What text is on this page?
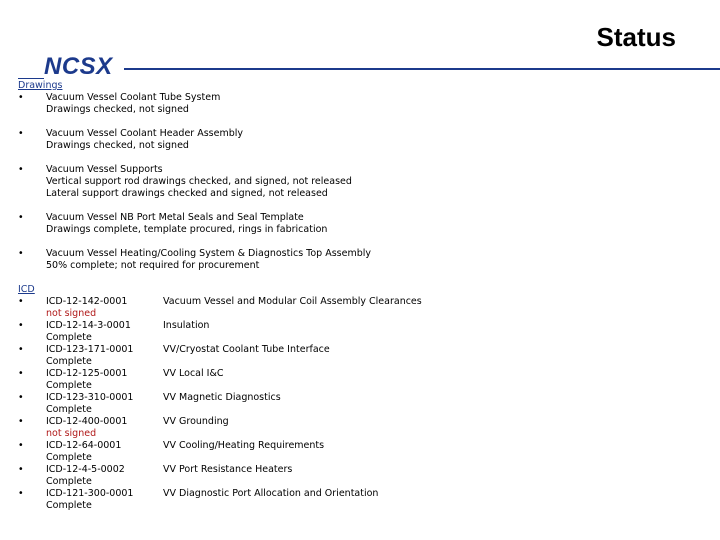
Status
NCSX
Drawings
• Vacuum Vessel Coolant Tube System
Drawings checked, not signed
• Vacuum Vessel Coolant Header Assembly
Drawings checked, not signed
• Vacuum Vessel Supports
Vertical support rod drawings checked, and signed, not released
Lateral support drawings checked and signed, not released
• Vacuum Vessel NB Port Metal Seals and Seal Template
Drawings complete, template procured, rings in fabrication
• Vacuum Vessel Heating/Cooling System & Diagnostics Top Assembly
50% complete; not required for procurement
ICD
• ICD-12-142-0001
not signed
Vacuum Vessel and Modular Coil Assembly Clearances
• ICD-12-14-3-0001
Complete
Insulation
• ICD-123-171-0001
Complete
VV/Cryostat Coolant Tube Interface
• ICD-12-125-0001
Complete
VV Local I&C
• ICD-123-310-0001
Complete
VV Magnetic Diagnostics
• ICD-12-400-0001
not signed
VV Grounding
• ICD-12-64-0001
Complete
VV Cooling/Heating Requirements
• ICD-12-4-5-0002
Complete
VV Port Resistance Heaters
• ICD-121-300-0001
Complete
VV Diagnostic Port Allocation and Orientation
